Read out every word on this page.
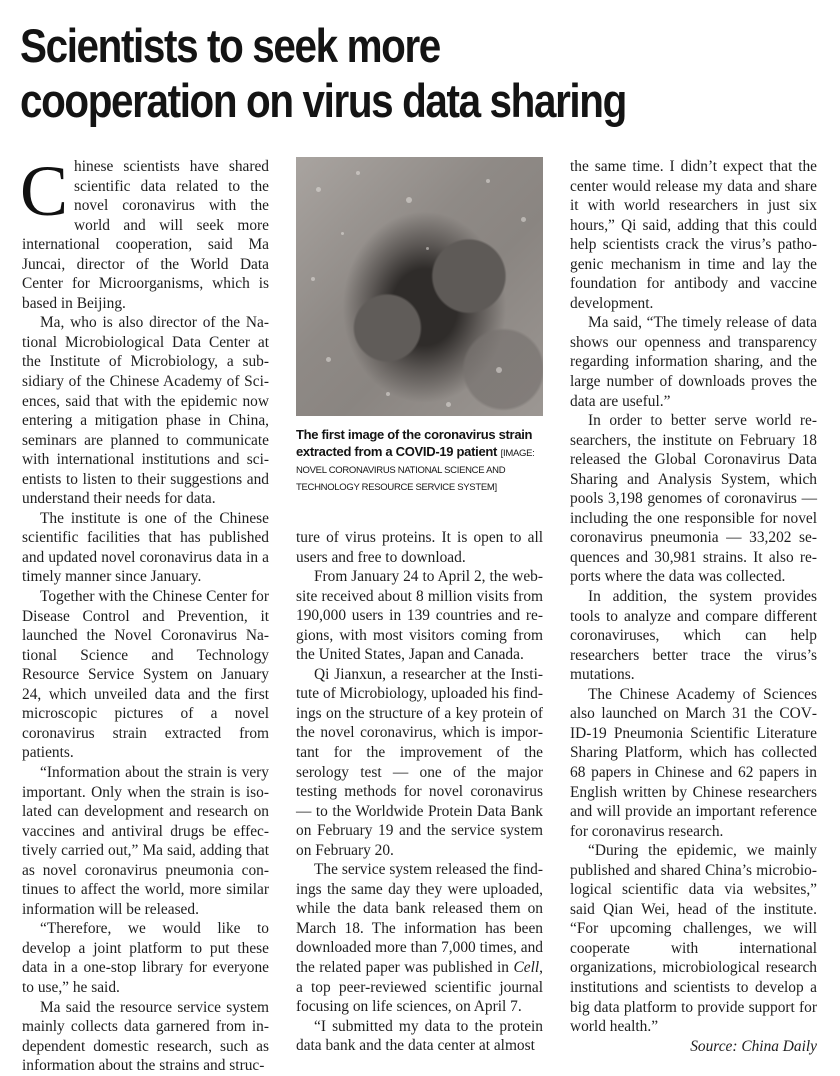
Scientists to seek more
cooperation on virus data sharing

Chinese scientists have shared scientific data related to the novel coronavirus with the world and will seek more international cooperation, said Ma Juncai, director of the World Data Center for Microorganisms, which is based in Beijing.

Ma, who is also director of the National Microbiological Data Center at the Institute of Microbiology, a subsidiary of the Chinese Academy of Sciences, said that with the epidemic now entering a mitigation phase in China, seminars are planned to communicate with international institutions and scientists to listen to their suggestions and understand their needs for data.

The institute is one of the Chinese scientific facilities that has published and updated novel coronavirus data in a timely manner since January.

Together with the Chinese Center for Disease Control and Prevention, it launched the Novel Coronavirus National Science and Technology Resource Service System on January 24, which unveiled data and the first microscopic pictures of a novel coronavirus strain extracted from patients.

“Information about the strain is very important. Only when the strain is isolated can development and research on vaccines and antiviral drugs be effectively carried out,” Ma said, adding that as novel coronavirus pneumonia continues to affect the world, more similar information will be released.

“Therefore, we would like to develop a joint platform to put these data in a one-stop library for everyone to use,” he said.

Ma said the resource service system mainly collects data garnered from independent domestic research, such as information about the strains and struc-

The first image of the coronavirus strain extracted from a COVID-19 patient [IMAGE: NOVEL CORONAVIRUS NATIONAL SCIENCE AND TECHNOLOGY RESOURCE SERVICE SYSTEM]

ture of virus proteins. It is open to all users and free to download.

From January 24 to April 2, the website received about 8 million visits from 190,000 users in 139 countries and regions, with most visitors coming from the United States, Japan and Canada.

Qi Jianxun, a researcher at the Institute of Microbiology, uploaded his findings on the structure of a key protein of the novel coronavirus, which is important for the improvement of the serology test — one of the major testing methods for novel coronavirus — to the Worldwide Protein Data Bank on February 19 and the service system on February 20.

The service system released the findings the same day they were uploaded, while the data bank released them on March 18. The information has been downloaded more than 7,000 times, and the related paper was published in Cell, a top peer-reviewed scientific journal focusing on life sciences, on April 7.

“I submitted my data to the protein data bank and the data center at almost

the same time. I didn’t expect that the center would release my data and share it with world researchers in just six hours,” Qi said, adding that this could help scientists crack the virus’s pathogenic mechanism in time and lay the foundation for antibody and vaccine development.

Ma said, “The timely release of data shows our openness and transparency regarding information sharing, and the large number of downloads proves the data are useful.”

In order to better serve world researchers, the institute on February 18 released the Global Coronavirus Data Sharing and Analysis System, which pools 3,198 genomes of coronavirus — including the one responsible for novel coronavirus pneumonia — 33,202 sequences and 30,981 strains. It also reports where the data was collected.

In addition, the system provides tools to analyze and compare different coronaviruses, which can help researchers better trace the virus’s mutations.

The Chinese Academy of Sciences also launched on March 31 the COVID-19 Pneumonia Scientific Literature Sharing Platform, which has collected 68 papers in Chinese and 62 papers in English written by Chinese researchers and will provide an important reference for coronavirus research.

“During the epidemic, we mainly published and shared China’s microbiological scientific data via websites,” said Qian Wei, head of the institute. “For upcoming challenges, we will cooperate with international organizations, microbiological research institutions and scientists to develop a big data platform to provide support for world health.”

Source: China Daily
